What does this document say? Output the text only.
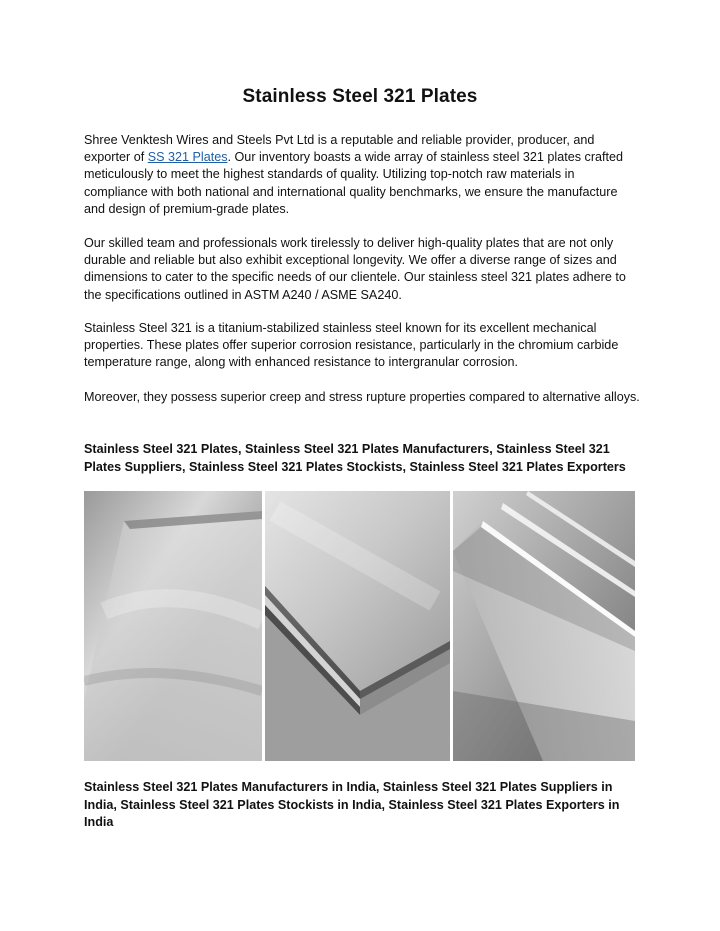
Stainless Steel 321 Plates
Shree Venktesh Wires and Steels Pvt Ltd is a reputable and reliable provider, producer, and exporter of SS 321 Plates. Our inventory boasts a wide array of stainless steel 321 plates crafted meticulously to meet the highest standards of quality. Utilizing top-notch raw materials in compliance with both national and international quality benchmarks, we ensure the manufacture and design of premium-grade plates.
Our skilled team and professionals work tirelessly to deliver high-quality plates that are not only durable and reliable but also exhibit exceptional longevity. We offer a diverse range of sizes and dimensions to cater to the specific needs of our clientele. Our stainless steel 321 plates adhere to the specifications outlined in ASTM A240 / ASME SA240.
Stainless Steel 321 is a titanium-stabilized stainless steel known for its excellent mechanical properties. These plates offer superior corrosion resistance, particularly in the chromium carbide temperature range, along with enhanced resistance to intergranular corrosion.
Moreover, they possess superior creep and stress rupture properties compared to alternative alloys.
Stainless Steel 321 Plates, Stainless Steel 321 Plates Manufacturers, Stainless Steel 321 Plates Suppliers, Stainless Steel 321 Plates Stockists, Stainless Steel 321 Plates Exporters
Stainless Steel 321 Plates Manufacturers in India, Stainless Steel 321 Plates Suppliers in India, Stainless Steel 321 Plates Stockists in India, Stainless Steel 321 Plates Exporters in India
